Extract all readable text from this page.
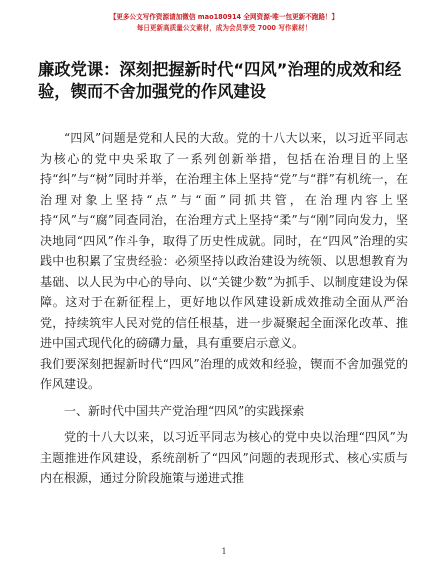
【更多公文写作资源请加微信 mao180914 全网资源·唯一包更新不跑路！】
每日更新高质量公文素材，成为会员享受 7000 写作素材！
廉政党课：深刻把握新时代“四风”治理的成效和经验，锲而不舍加强党的作风建设

“四风”问题是党和人民的大敌。党的十八大以来，以习近平同志为核心的党中央采取了一系列创新举措，包括在治理目的上坚持“纠”与“树”同时并举，在治理主体上坚持“党”与“群”有机统一，在治理对象上坚持“点”与“面”同抓共管，在治理内容上坚持“风”与“腐”同查同治，在治理方式上坚持“柔”与“刚”同向发力，坚决地同“四风”作斗争，取得了历史性成就。同时，在“四风”治理的实践中也积累了宝贵经验：必须坚持以政治建设为统领、以思想教育为基础、以人民为中心的导向、以“关键少数”为抓手、以制度建设为保障。这对于在新征程上，更好地以作风建设新成效推动全面从严治党，持续筑牢人民对党的信任根基，进一步凝聚起全面深化改革、推进中国式现代化的磅礴力量，具有重要启示意义。

我们要深刻把握新时代“四风”治理的成效和经验，锲而不舍加强党的作风建设。

一、新时代中国共产党治理“四风”的实践探索

党的十八大以来，以习近平同志为核心的党中央以治理“四风”为主题推进作风建设，系统剖析了“四风”问题的表现形式、核心实质与内在根源，通过分阶段施策与递进式推

1
